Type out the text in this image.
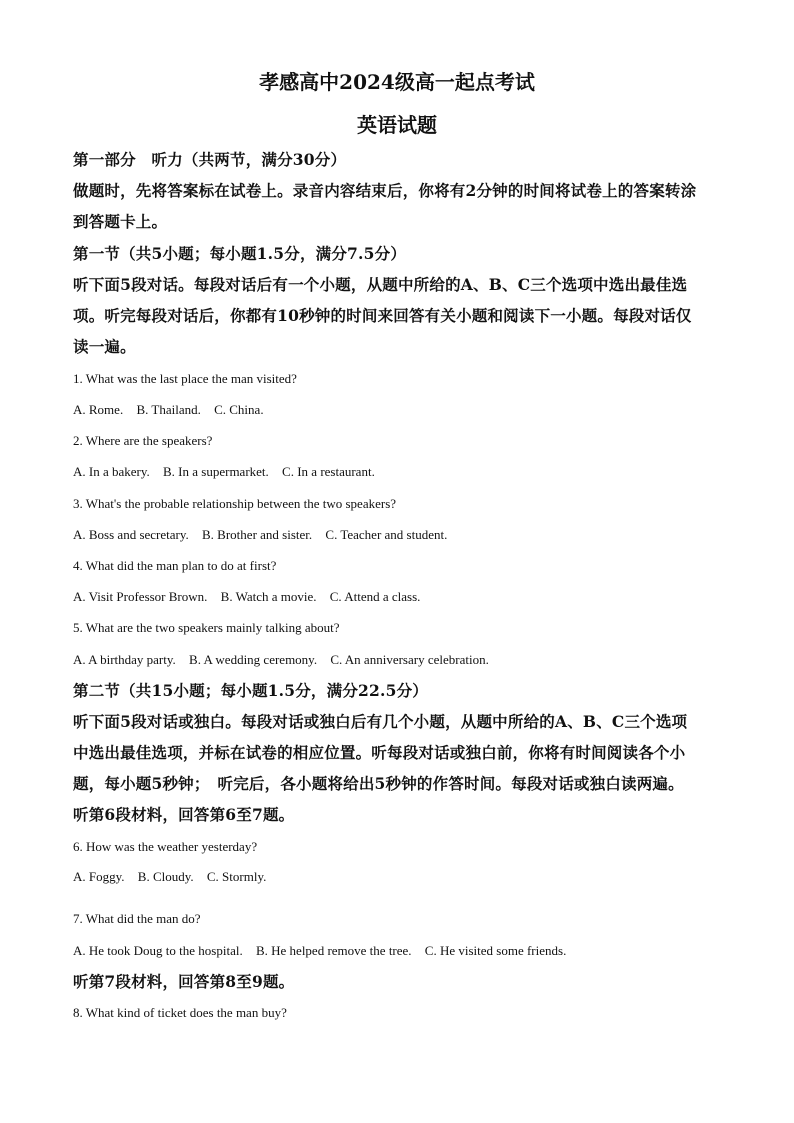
孝感高中2024级高一起点考试
英语试题

第一部分　听力（共两节，满分30分）

做题时，先将答案标在试卷上。录音内容结束后，你将有2分钟的时间将试卷上的答案转涂

到答题卡上。

第一节（共5小题；每小题1.5分，满分7.5分）

听下面5段对话。每段对话后有一个小题，从题中所给的A、B、C三个选项中选出最佳选

项。听完每段对话后，你都有10秒钟的时间来回答有关小题和阅读下一小题。每段对话仅

读一遍。

1. What was the last place the man visited?

A. Rome. B. Thailand. C. China.

2. Where are the speakers?

A. In a bakery. B. In a supermarket. C. In a restaurant.

3. What's the probable relationship between the two speakers?

A. Boss and secretary. B. Brother and sister. C. Teacher and student.

4. What did the man plan to do at first?

A. Visit Professor Brown. B. Watch a movie. C. Attend a class.

5. What are the two speakers mainly talking about?

A. A birthday party. B. A wedding ceremony. C. An anniversary celebration.

第二节（共15小题；每小题1.5分，满分22.5分）

听下面5段对话或独白。每段对话或独白后有几个小题，从题中所给的A、B、C三个选项

中选出最佳选项，并标在试卷的相应位置。听每段对话或独白前，你将有时间阅读各个小

题，每小题5秒钟；　听完后，各小题将给出5秒钟的作答时间。每段对话或独白读两遍。

听第6段材料，回答第6至7题。

6. How was the weather yesterday?

A. Foggy. B. Cloudy. C. Stormly.

7. What did the man do?

A. He took Doug to the hospital. B. He helped remove the tree. C. He visited some friends.

听第7段材料，回答第8至9题。

8. What kind of ticket does the man buy?
